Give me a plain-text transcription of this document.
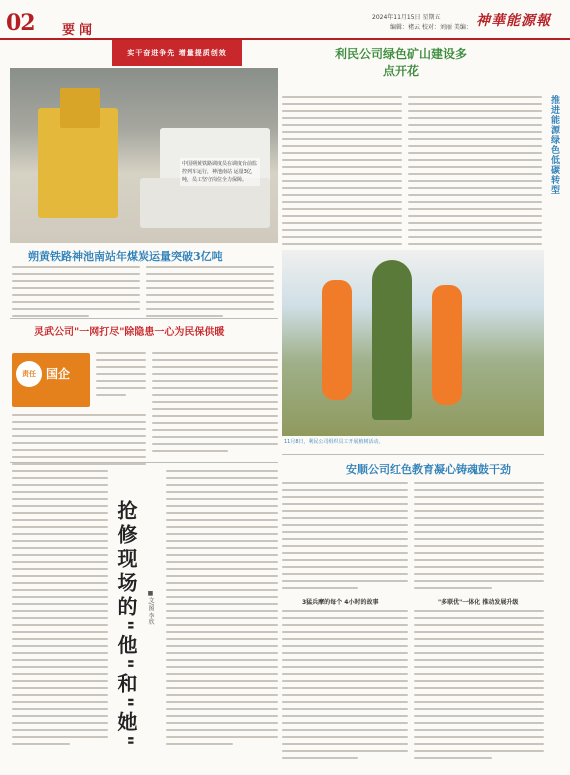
02 要闻
2024年11月15日 星期五
编辑：褚云 校对：刘丽 美编： 神華能源報
实干奋进争先 增量提质创效
中国朔黄铁路调度员在调度台前监控列车运行，神池南站 运量3亿吨，员工坚守岗位全力保障。
朔黄铁路神池南站年煤炭运量突破3亿吨
利民公司绿色矿山建设多点开花
推进能源绿色低碳转型
11月8日，利民公司组织员工开展植树活动。
灵武公司"一网打尽"除隐患一心为民保供暖
责任 国企
抢修现场的"他"和"她"	■文/图 李欣
安顺公司红色教育凝心铸魂鼓干劲
3猛兵摩的每个 4小时的故事	"多联优"一体化 推动发展升级
